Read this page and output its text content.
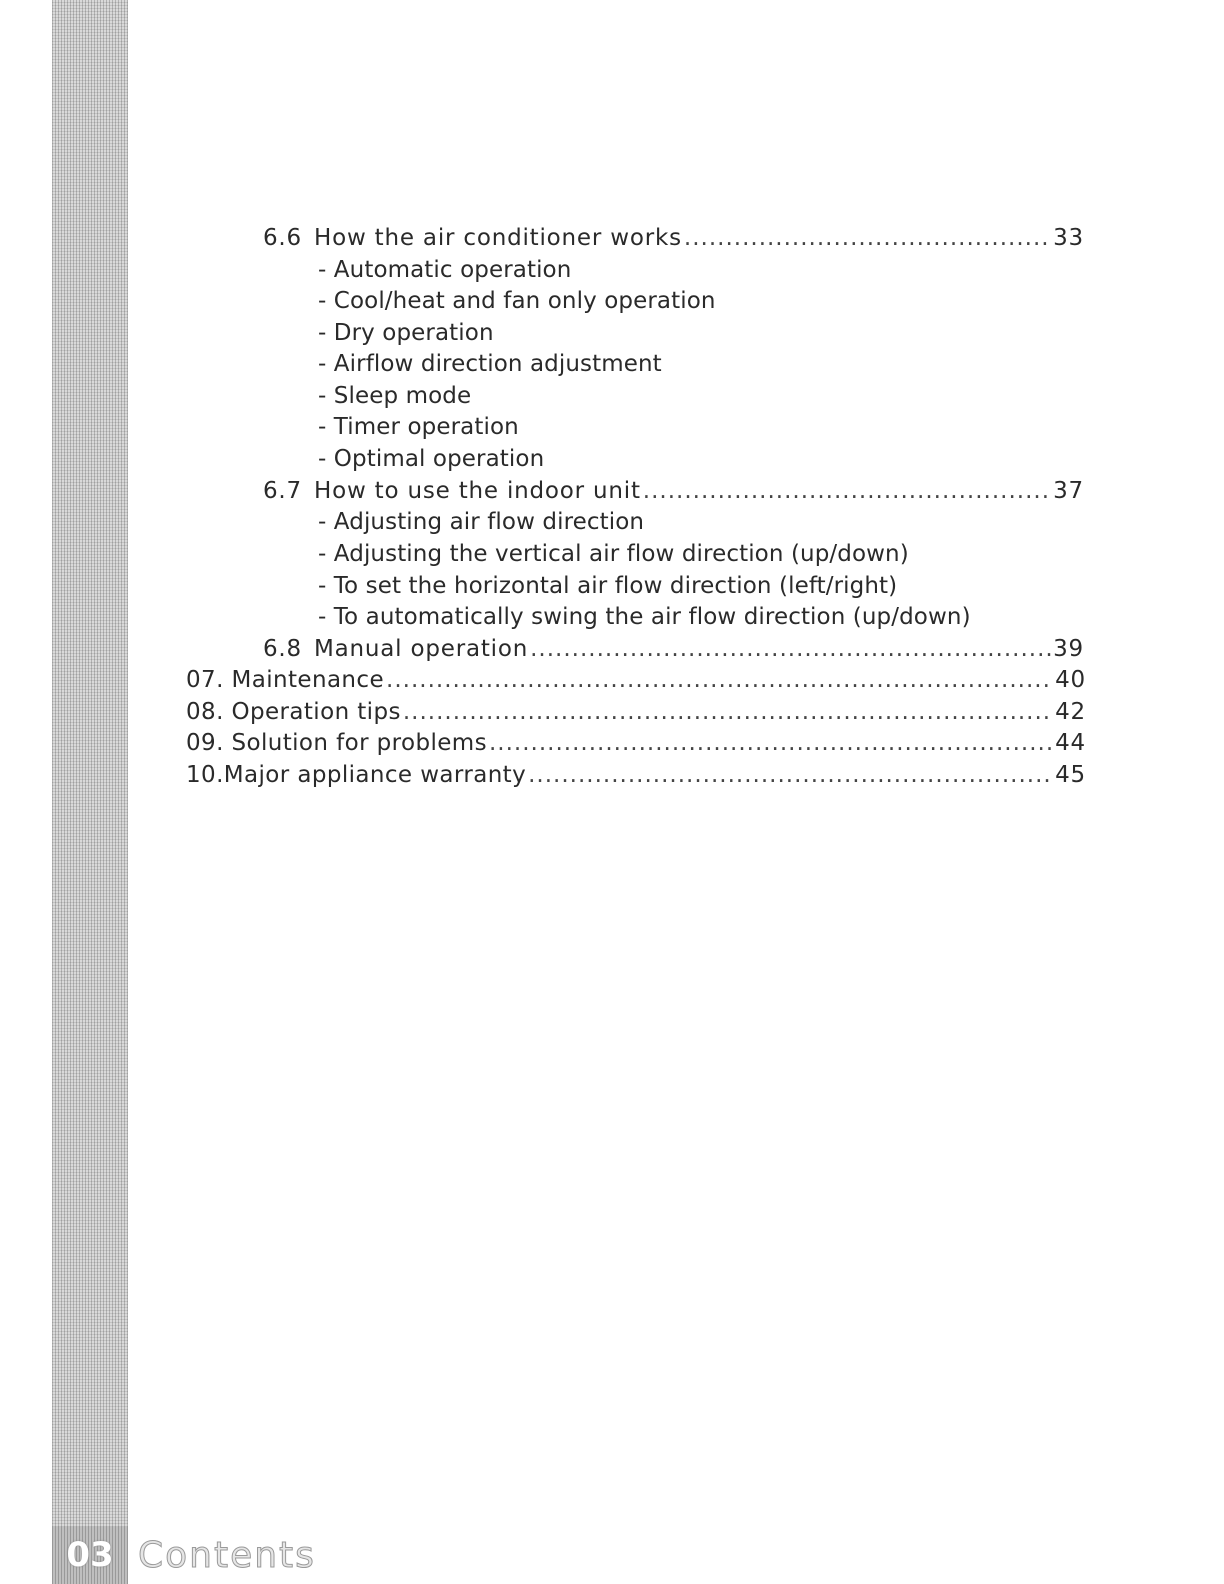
6.6 How the air conditioner works .....	33
- Automatic operation
- Cool/heat and fan only operation
- Dry operation
- Airflow direction adjustment
- Sleep mode
- Timer operation
- Optimal operation
6.7 How to use the indoor unit .....	37
- Adjusting air flow direction
- Adjusting the vertical air flow direction (up/down)
- To set the horizontal air flow direction (left/right)
- To automatically swing the air flow direction (up/down)
6.8 Manual operation .....	39
07. Maintenance .....	40
08. Operation tips .....	42
09. Solution for problems .....	44
10.Major appliance warranty .....	45
03 Contents
